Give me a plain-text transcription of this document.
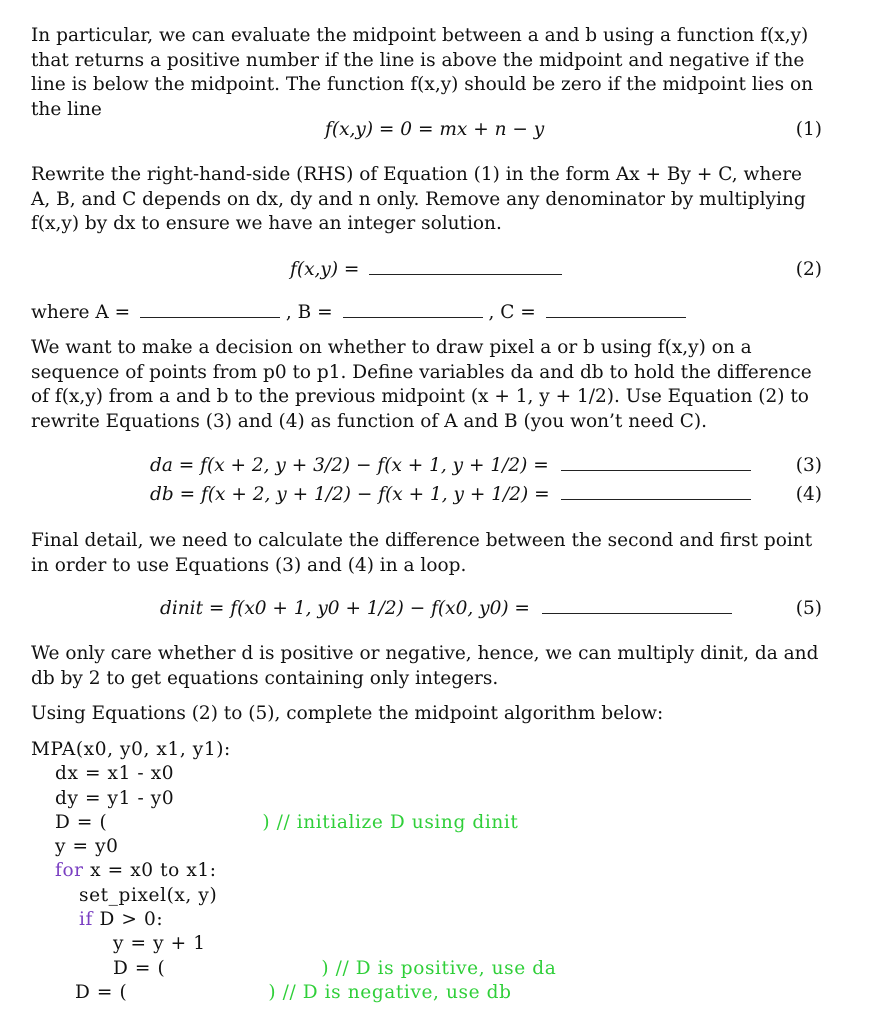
In particular, we can evaluate the midpoint between a and b using a function f(x,y) that returns a positive number if the line is above the midpoint and negative if the line is below the midpoint. The function f(x,y) should be zero if the midpoint lies on the line
f(x,y) = 0 = mx + n − y	(1)
Rewrite the right-hand-side (RHS) of Equation (1) in the form Ax + By + C, where A, B, and C depends on dx, dy and n only. Remove any denominator by multiplying f(x,y) by dx to ensure we have an integer solution.
f(x,y) =	(2)
where A =	, B =	, C =
We want to make a decision on whether to draw pixel a or b using f(x,y) on a sequence of points from p0 to p1. Define variables da and db to hold the difference of f(x,y) from a and b to the previous midpoint (x + 1, y + 1/2). Use Equation (2) to rewrite Equations (3) and (4) as function of A and B (you won’t need C).
da = f(x + 2, y + 3/2) − f(x + 1, y + 1/2) =	(3)
db = f(x + 2, y + 1/2) − f(x + 1, y + 1/2) =	(4)
Final detail, we need to calculate the difference between the second and first point in order to use Equations (3) and (4) in a loop.
dinit = f(x0 + 1, y0 + 1/2) − f(x0, y0) =	(5)
We only care whether d is positive or negative, hence, we can multiply dinit, da and db by 2 to get equations containing only integers.
Using Equations (2) to (5), complete the midpoint algorithm below:
MPA(x0, y0, x1, y1):
dx = x1 - x0
dy = y1 - y0
D = (	) // initialize D using dinit
y = y0
for x = x0 to x1:
set_pixel(x, y)
if D > 0:
y = y + 1
D = (	) // D is positive, use da
D = (	) // D is negative, use db
